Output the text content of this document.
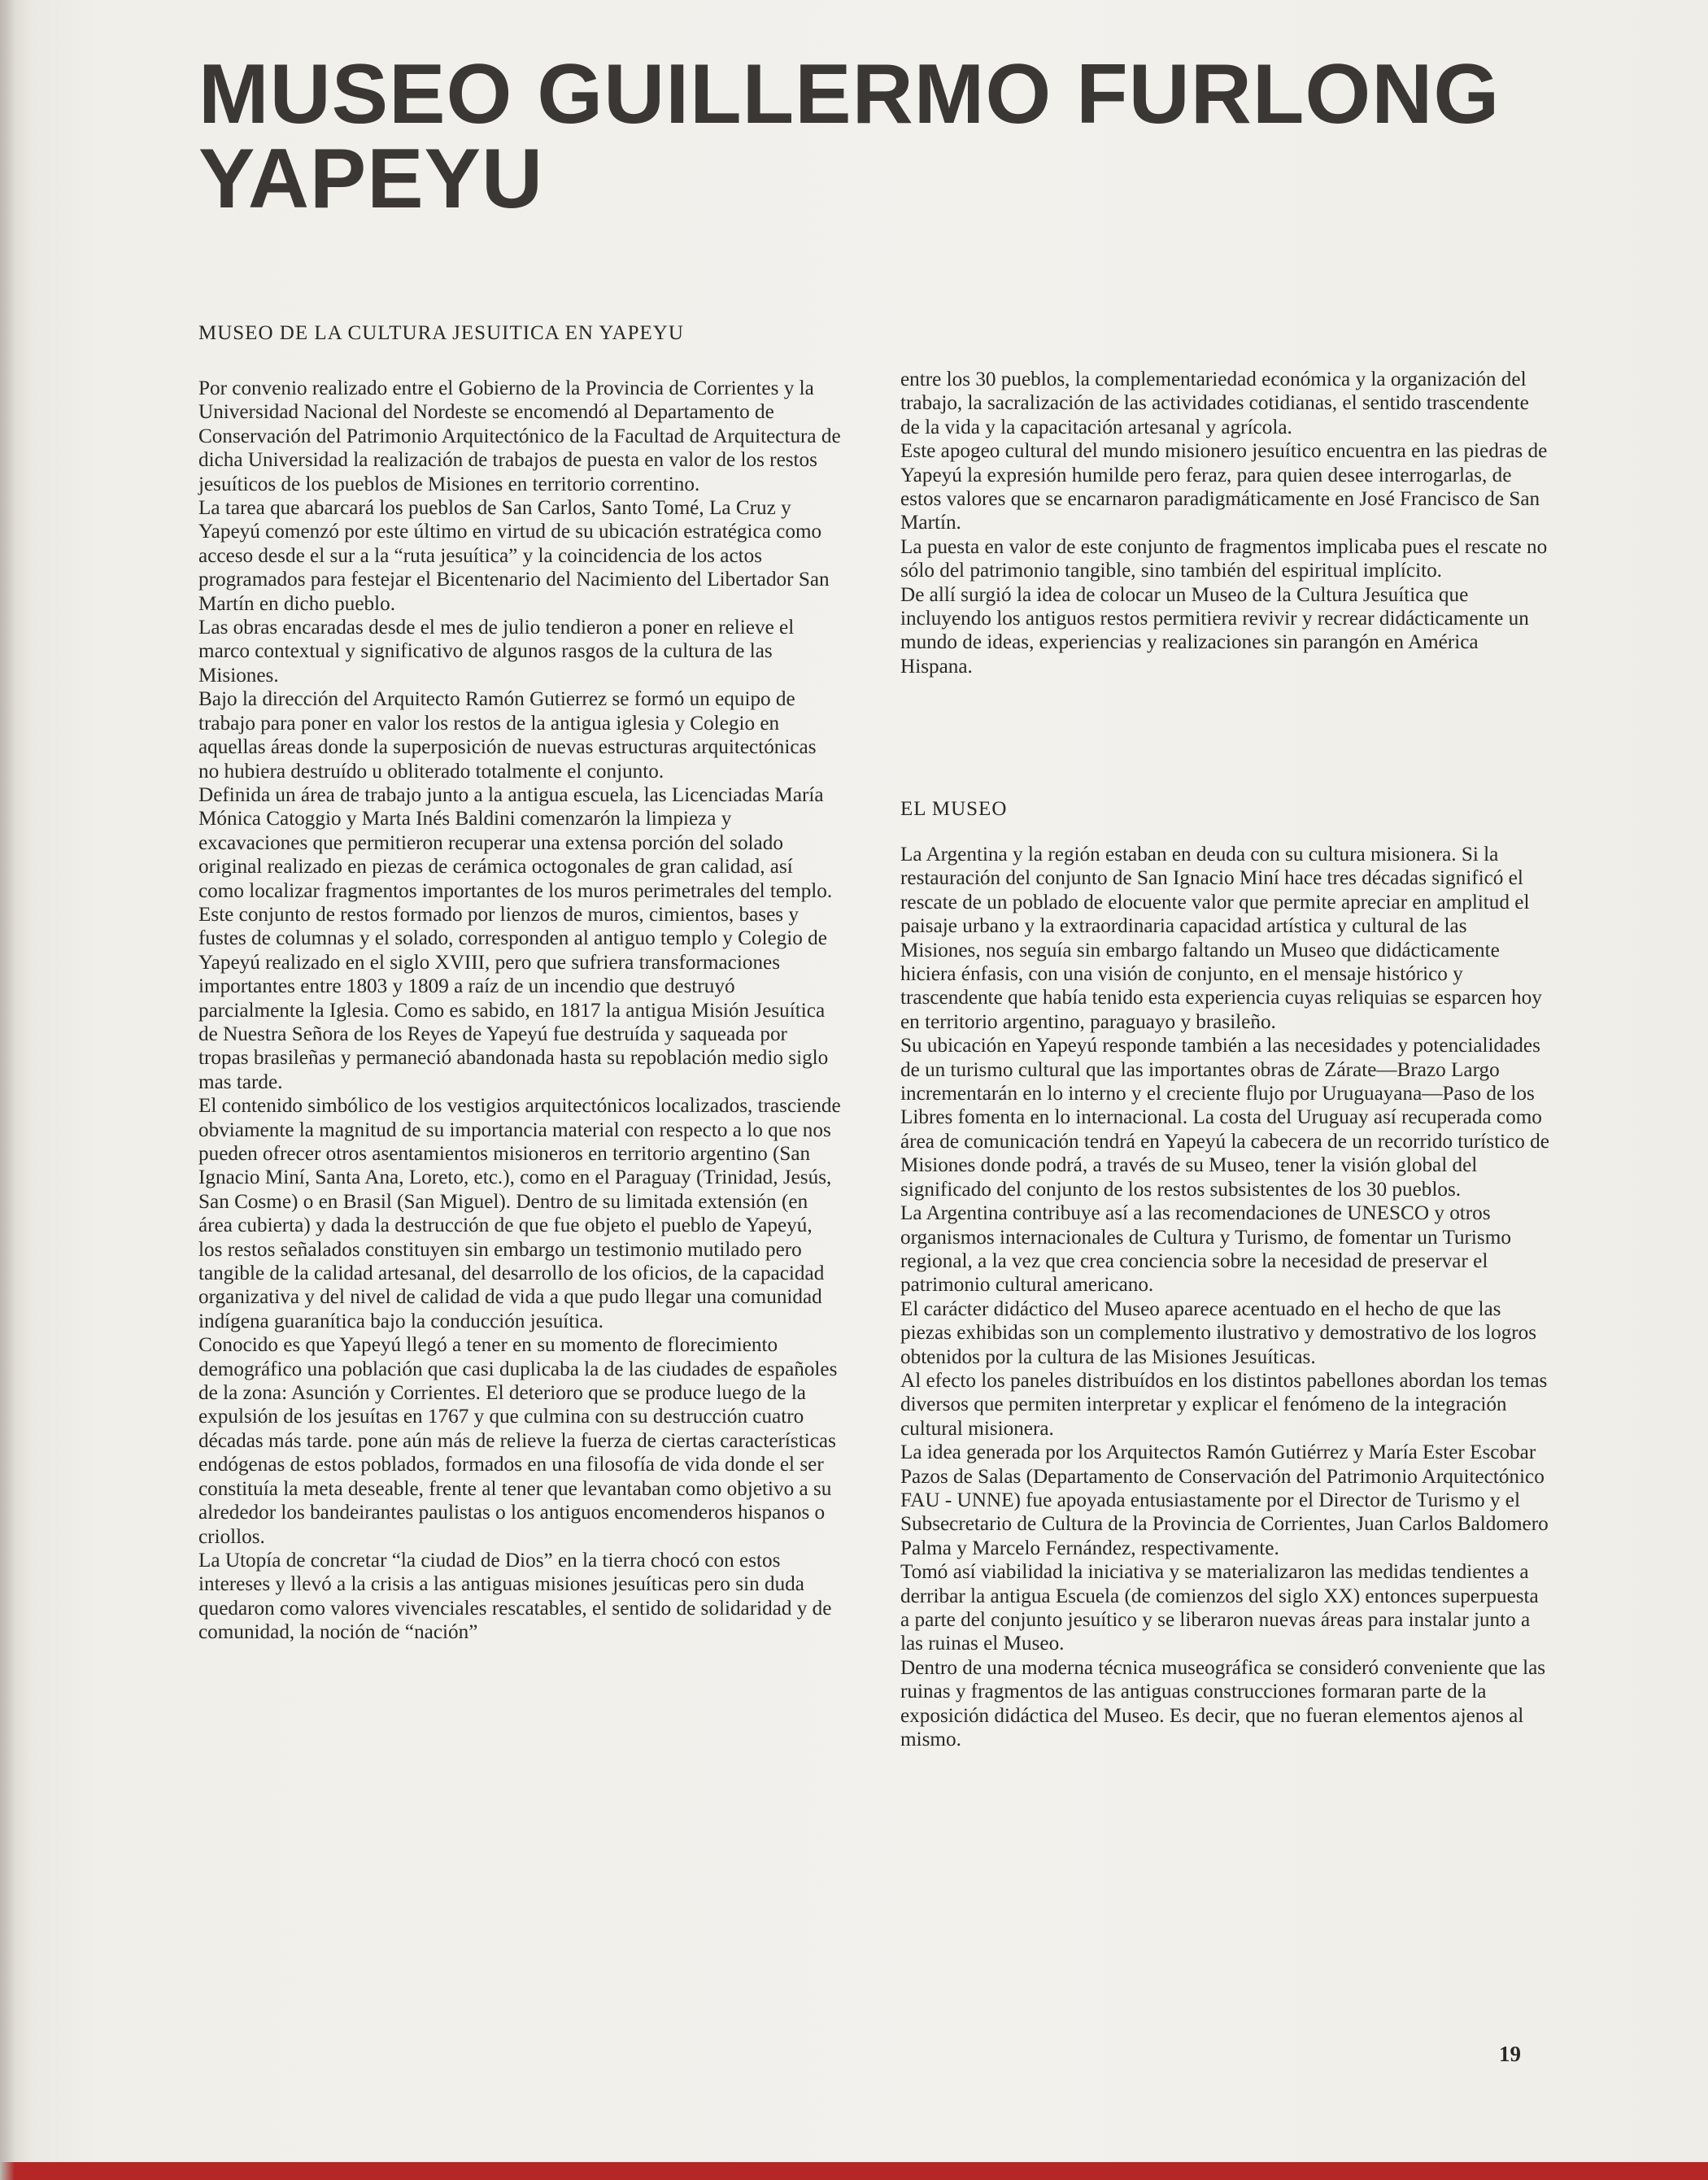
MUSEO GUILLERMO FURLONG
YAPEYU
MUSEO DE LA CULTURA JESUITICA EN YAPEYU

Por convenio realizado entre el Gobierno de la Provincia de Corrientes y la Universidad Nacional del Nordeste se encomendó al Departamento de Conservación del Patrimonio Arquitectónico de la Facultad de Arquitectura de dicha Universidad la realización de trabajos de puesta en valor de los restos jesuíticos de los pueblos de Misiones en territorio correntino.

La tarea que abarcará los pueblos de San Carlos, Santo Tomé, La Cruz y Yapeyú comenzó por este último en virtud de su ubicación estratégica como acceso desde el sur a la “ruta jesuítica” y la coincidencia de los actos programados para festejar el Bicentenario del Nacimiento del Libertador San Martín en dicho pueblo.

Las obras encaradas desde el mes de julio tendieron a poner en relieve el marco contextual y significativo de algunos rasgos de la cultura de las Misiones.

Bajo la dirección del Arquitecto Ramón Gutierrez se formó un equipo de trabajo para poner en valor los restos de la antigua iglesia y Colegio en aquellas áreas donde la superposición de nuevas estructuras arquitectónicas no hubiera destruído u obliterado totalmente el conjunto.

Definida un área de trabajo junto a la antigua escuela, las Licenciadas María Mónica Catoggio y Marta Inés Baldini comenzarón la limpieza y excavaciones que permitieron recuperar una extensa porción del solado original realizado en piezas de cerámica octogonales de gran calidad, así como localizar fragmentos importantes de los muros perimetrales del templo.

Este conjunto de restos formado por lienzos de muros, cimientos, bases y fustes de columnas y el solado, corresponden al antiguo templo y Colegio de Yapeyú realizado en el siglo XVIII, pero que sufriera transformaciones importantes entre 1803 y 1809 a raíz de un incendio que destruyó parcialmente la Iglesia. Como es sabido, en 1817 la antigua Misión Jesuítica de Nuestra Señora de los Reyes de Yapeyú fue destruída y saqueada por tropas brasileñas y permaneció abandonada hasta su repoblación medio siglo mas tarde.

El contenido simbólico de los vestigios arquitectónicos localizados, trasciende obviamente la magnitud de su importancia material con respecto a lo que nos pueden ofrecer otros asentamientos misioneros en territorio argentino (San Ignacio Miní, Santa Ana, Loreto, etc.), como en el Paraguay (Trinidad, Jesús, San Cosme) o en Brasil (San Miguel). Dentro de su limitada extensión (en área cubierta) y dada la destrucción de que fue objeto el pueblo de Yapeyú, los restos señalados constituyen sin embargo un testimonio mutilado pero tangible de la calidad artesanal, del desarrollo de los oficios, de la capacidad organizativa y del nivel de calidad de vida a que pudo llegar una comunidad indígena guaranítica bajo la conducción jesuítica.

Conocido es que Yapeyú llegó a tener en su momento de florecimiento demográfico una población que casi duplicaba la de las ciudades de españoles de la zona: Asunción y Corrientes. El deterioro que se produce luego de la expulsión de los jesuítas en 1767 y que culmina con su destrucción cuatro décadas más tarde. pone aún más de relieve la fuerza de ciertas características endógenas de estos poblados, formados en una filosofía de vida donde el ser constituía la meta deseable, frente al tener que levantaban como objetivo a su alrededor los bandeirantes paulistas o los antiguos encomenderos hispanos o criollos.

La Utopía de concretar “la ciudad de Dios” en la tierra chocó con estos intereses y llevó a la crisis a las antiguas misiones jesuíticas pero sin duda quedaron como valores vivenciales rescatables, el sentido de solidaridad y de comunidad, la noción de “nación”

entre los 30 pueblos, la complementariedad económica y la organización del trabajo, la sacralización de las actividades cotidianas, el sentido trascendente de la vida y la capacitación artesanal y agrícola.

Este apogeo cultural del mundo misionero jesuítico encuentra en las piedras de Yapeyú la expresión humilde pero feraz, para quien desee interrogarlas, de estos valores que se encarnaron paradigmáticamente en José Francisco de San Martín.

La puesta en valor de este conjunto de fragmentos implicaba pues el rescate no sólo del patrimonio tangible, sino también del espiritual implícito.

De allí surgió la idea de colocar un Museo de la Cultura Jesuítica que incluyendo los antiguos restos permitiera revivir y recrear didácticamente un mundo de ideas, experiencias y realizaciones sin parangón en América Hispana.

EL MUSEO

La Argentina y la región estaban en deuda con su cultura misionera. Si la restauración del conjunto de San Ignacio Miní hace tres décadas significó el rescate de un poblado de elocuente valor que permite apreciar en amplitud el paisaje urbano y la extraordinaria capacidad artística y cultural de las Misiones, nos seguía sin embargo faltando un Museo que didácticamente hiciera énfasis, con una visión de conjunto, en el mensaje histórico y trascendente que había tenido esta experiencia cuyas reliquias se esparcen hoy en territorio argentino, paraguayo y brasileño.

Su ubicación en Yapeyú responde también a las necesidades y potencialidades de un turismo cultural que las importantes obras de Zárate—Brazo Largo incrementarán en lo interno y el creciente flujo por Uruguayana—Paso de los Libres fomenta en lo internacional. La costa del Uruguay así recuperada como área de comunicación tendrá en Yapeyú la cabecera de un recorrido turístico de Misiones donde podrá, a través de su Museo, tener la visión global del significado del conjunto de los restos subsistentes de los 30 pueblos.

La Argentina contribuye así a las recomendaciones de UNESCO y otros organismos internacionales de Cultura y Turismo, de fomentar un Turismo regional, a la vez que crea conciencia sobre la necesidad de preservar el patrimonio cultural americano.

El carácter didáctico del Museo aparece acentuado en el hecho de que las piezas exhibidas son un complemento ilustrativo y demostrativo de los logros obtenidos por la cultura de las Misiones Jesuíticas.

Al efecto los paneles distribuídos en los distintos pabellones abordan los temas diversos que permiten interpretar y explicar el fenómeno de la integración cultural misionera.

La idea generada por los Arquitectos Ramón Gutiérrez y María Ester Escobar Pazos de Salas (Departamento de Conservación del Patrimonio Arquitectónico FAU - UNNE) fue apoyada entusiastamente por el Director de Turismo y el Subsecretario de Cultura de la Provincia de Corrientes, Juan Carlos Baldomero Palma y Marcelo Fernández, respectivamente.

Tomó así viabilidad la iniciativa y se materializaron las medidas tendientes a derribar la antigua Escuela (de comienzos del siglo XX) entonces superpuesta a parte del conjunto jesuítico y se liberaron nuevas áreas para instalar junto a las ruinas el Museo.

Dentro de una moderna técnica museográfica se consideró conveniente que las ruinas y fragmentos de las antiguas construcciones formaran parte de la exposición didáctica del Museo. Es decir, que no fueran elementos ajenos al mismo.

19
